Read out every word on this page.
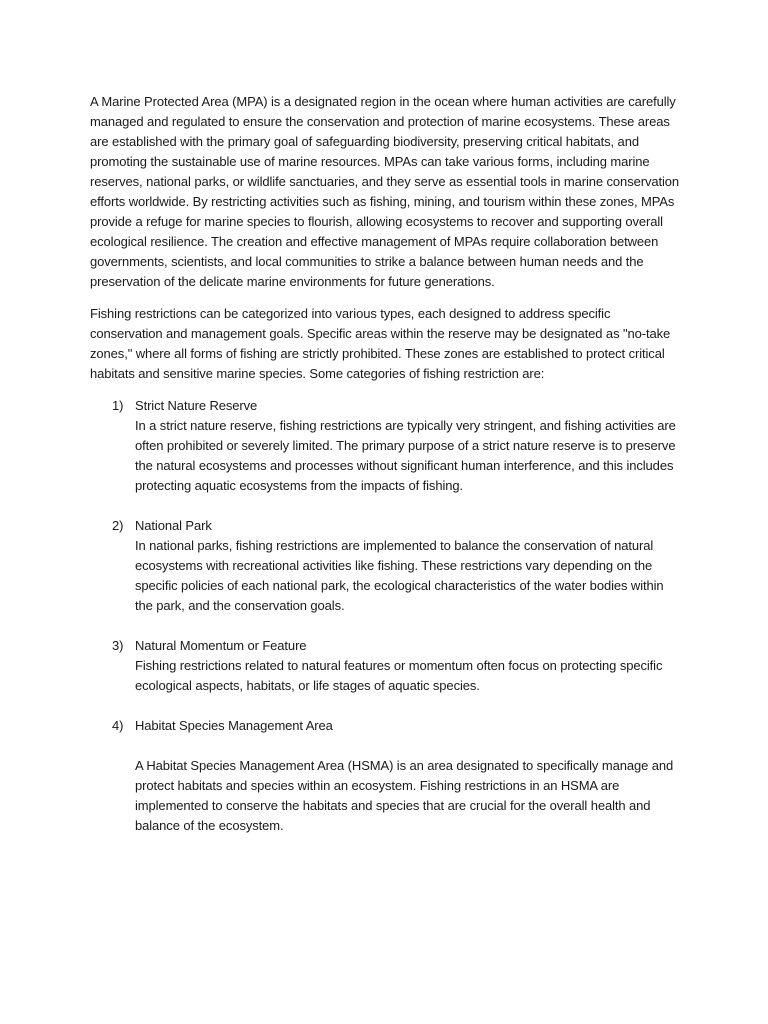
A Marine Protected Area (MPA) is a designated region in the ocean where human activities are carefully managed and regulated to ensure the conservation and protection of marine ecosystems. These areas are established with the primary goal of safeguarding biodiversity, preserving critical habitats, and promoting the sustainable use of marine resources. MPAs can take various forms, including marine reserves, national parks, or wildlife sanctuaries, and they serve as essential tools in marine conservation efforts worldwide. By restricting activities such as fishing, mining, and tourism within these zones, MPAs provide a refuge for marine species to flourish, allowing ecosystems to recover and supporting overall ecological resilience. The creation and effective management of MPAs require collaboration between governments, scientists, and local communities to strike a balance between human needs and the preservation of the delicate marine environments for future generations.

Fishing restrictions can be categorized into various types, each designed to address specific conservation and management goals. Specific areas within the reserve may be designated as "no-take zones," where all forms of fishing are strictly prohibited. These zones are established to protect critical habitats and sensitive marine species. Some categories of fishing restriction are:

1) Strict Nature Reserve
In a strict nature reserve, fishing restrictions are typically very stringent, and fishing activities are often prohibited or severely limited. The primary purpose of a strict nature reserve is to preserve the natural ecosystems and processes without significant human interference, and this includes protecting aquatic ecosystems from the impacts of fishing.
2) National Park
In national parks, fishing restrictions are implemented to balance the conservation of natural ecosystems with recreational activities like fishing. These restrictions vary depending on the specific policies of each national park, the ecological characteristics of the water bodies within the park, and the conservation goals.
3) Natural Momentum or Feature
Fishing restrictions related to natural features or momentum often focus on protecting specific ecological aspects, habitats, or life stages of aquatic species.
4) Habitat Species Management Area
A Habitat Species Management Area (HSMA) is an area designated to specifically manage and protect habitats and species within an ecosystem. Fishing restrictions in an HSMA are implemented to conserve the habitats and species that are crucial for the overall health and balance of the ecosystem.
